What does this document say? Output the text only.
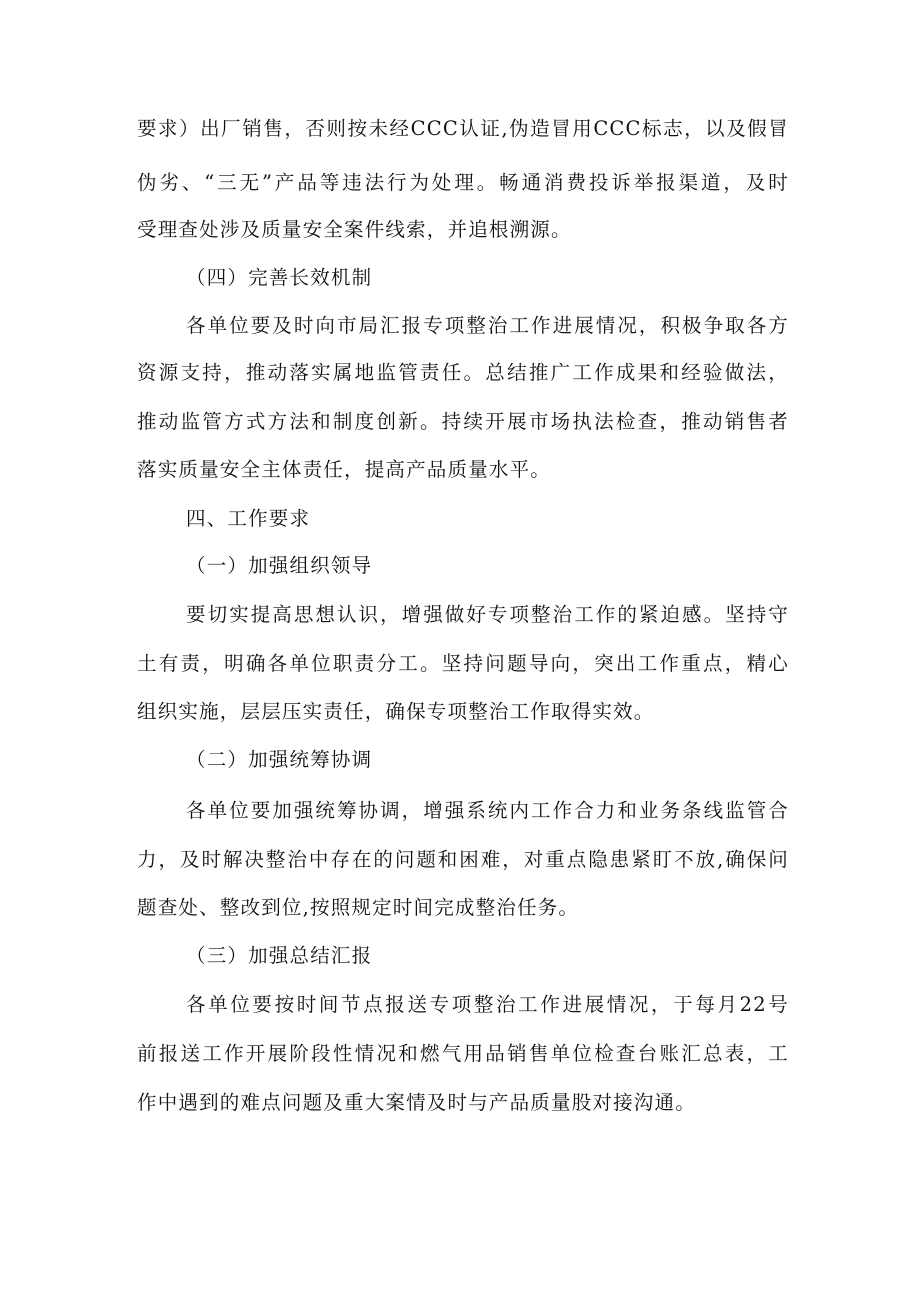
要求）出厂销售，否则按未经CCC认证,伪造冒用CCC标志，以及假冒
伪劣、“三无”产品等违法行为处理。畅通消费投诉举报渠道，及时
受理查处涉及质量安全案件线索，并追根溯源。
（四）完善长效机制
各单位要及时向市局汇报专项整治工作进展情况，积极争取各方
资源支持，推动落实属地监管责任。总结推广工作成果和经验做法，
推动监管方式方法和制度创新。持续开展市场执法检查，推动销售者
落实质量安全主体责任，提高产品质量水平。
四、工作要求
（一）加强组织领导
要切实提高思想认识，增强做好专项整治工作的紧迫感。坚持守
土有责，明确各单位职责分工。坚持问题导向，突出工作重点，精心
组织实施，层层压实责任，确保专项整治工作取得实效。
（二）加强统筹协调
各单位要加强统筹协调，增强系统内工作合力和业务条线监管合
力，及时解决整治中存在的问题和困难，对重点隐患紧盯不放,确保问
题查处、整改到位,按照规定时间完成整治任务。
（三）加强总结汇报
各单位要按时间节点报送专项整治工作进展情况，于每月22号
前报送工作开展阶段性情况和燃气用品销售单位检查台账汇总表，工
作中遇到的难点问题及重大案情及时与产品质量股对接沟通。
